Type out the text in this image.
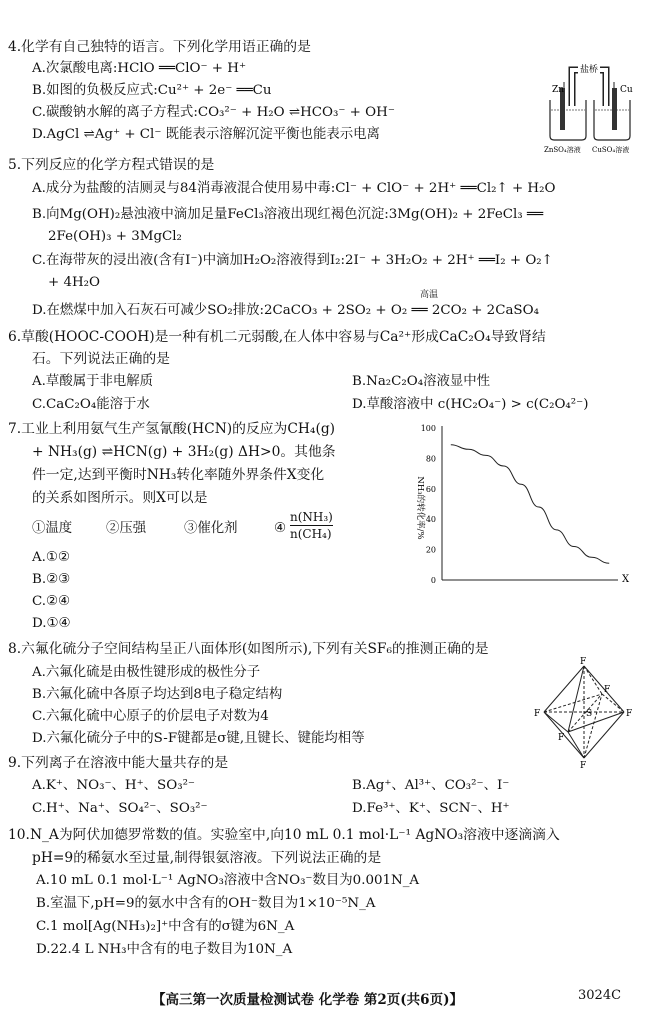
4.化学有自己独特的语言。下列化学用语正确的是
A.次氯酸电离:HClO ══ClO⁻ + H⁺
B.如图的负极反应式:Cu²⁺ + 2e⁻ ══Cu
C.碳酸钠水解的离子方程式:CO₃²⁻ + H₂O ⇌HCO₃⁻ + OH⁻
D.AgCl ⇌Ag⁺ + Cl⁻ 既能表示溶解沉淀平衡也能表示电离
盐桥
Zn	Cu
ZnSO₄溶液 CuSO₄溶液
5.下列反应的化学方程式错误的是
A.成分为盐酸的洁厕灵与84消毒液混合使用易中毒:Cl⁻ + ClO⁻ + 2H⁺ ══Cl₂↑ + H₂O
B.向Mg(OH)₂悬浊液中滴加足量FeCl₃溶液出现红褐色沉淀:3Mg(OH)₂ + 2FeCl₃ ══
2Fe(OH)₃ + 3MgCl₂
C.在海带灰的浸出液(含有I⁻)中滴加H₂O₂溶液得到I₂:2I⁻ + 3H₂O₂ + 2H⁺ ══I₂ + O₂↑
+ 4H₂O
高温
D.在燃煤中加入石灰石可减少SO₂排放:2CaCO₃ + 2SO₂ + O₂ ══ 2CO₂ + 2CaSO₄
6.草酸(HOOC-COOH)是一种有机二元弱酸,在人体中容易与Ca²⁺形成CaC₂O₄导致肾结
石。下列说法正确的是
A.草酸属于非电解质	B.Na₂C₂O₄溶液显中性
C.CaC₂O₄能溶于水	D.草酸溶液中 c(HC₂O₄⁻) > c(C₂O₄²⁻)
7.工业上利用氨气生产氢氰酸(HCN)的反应为CH₄(g)
+ NH₃(g) ⇌HCN(g) + 3H₂(g) ΔH>0。其他条
件一定,达到平衡时NH₃转化率随外界条件X变化
的关系如图所示。则X可以是
①温度	②压强	③催化剂	④
n(NH₃)
n(CH₄)
A.①②
B.②③
C.②④
D.①④
NH₃的转化率/%
X
0
20
40
60
80
100
8.六氟化硫分子空间结构呈正八面体形(如图所示),下列有关SF₆的推测正确的是
A.六氟化硫是由极性键形成的极性分子
B.六氟化硫中各原子均达到8电子稳定结构
C.六氟化硫中心原子的价层电子对数为4
D.六氟化硫分子中的S-F键都是σ键,且键长、键能均相等
F
F
F	F
F
F
S
9.下列离子在溶液中能大量共存的是
A.K⁺、NO₃⁻、H⁺、SO₃²⁻	B.Ag⁺、Al³⁺、CO₃²⁻、I⁻
C.H⁺、Na⁺、SO₄²⁻、SO₃²⁻	D.Fe³⁺、K⁺、SCN⁻、H⁺
10.N_A为阿伏加德罗常数的值。实验室中,向10 mL 0.1 mol·L⁻¹ AgNO₃溶液中逐滴滴入
pH=9的稀氨水至过量,制得银氨溶液。下列说法正确的是
A.10 mL 0.1 mol·L⁻¹ AgNO₃溶液中含NO₃⁻数目为0.001N_A
B.室温下,pH=9的氨水中含有的OH⁻数目为1×10⁻⁵N_A
C.1 mol[Ag(NH₃)₂]⁺中含有的σ键为6N_A
D.22.4 L NH₃中含有的电子数目为10N_A
【高三第一次质量检测试卷 化学卷 第2页(共6页)】	3024C
